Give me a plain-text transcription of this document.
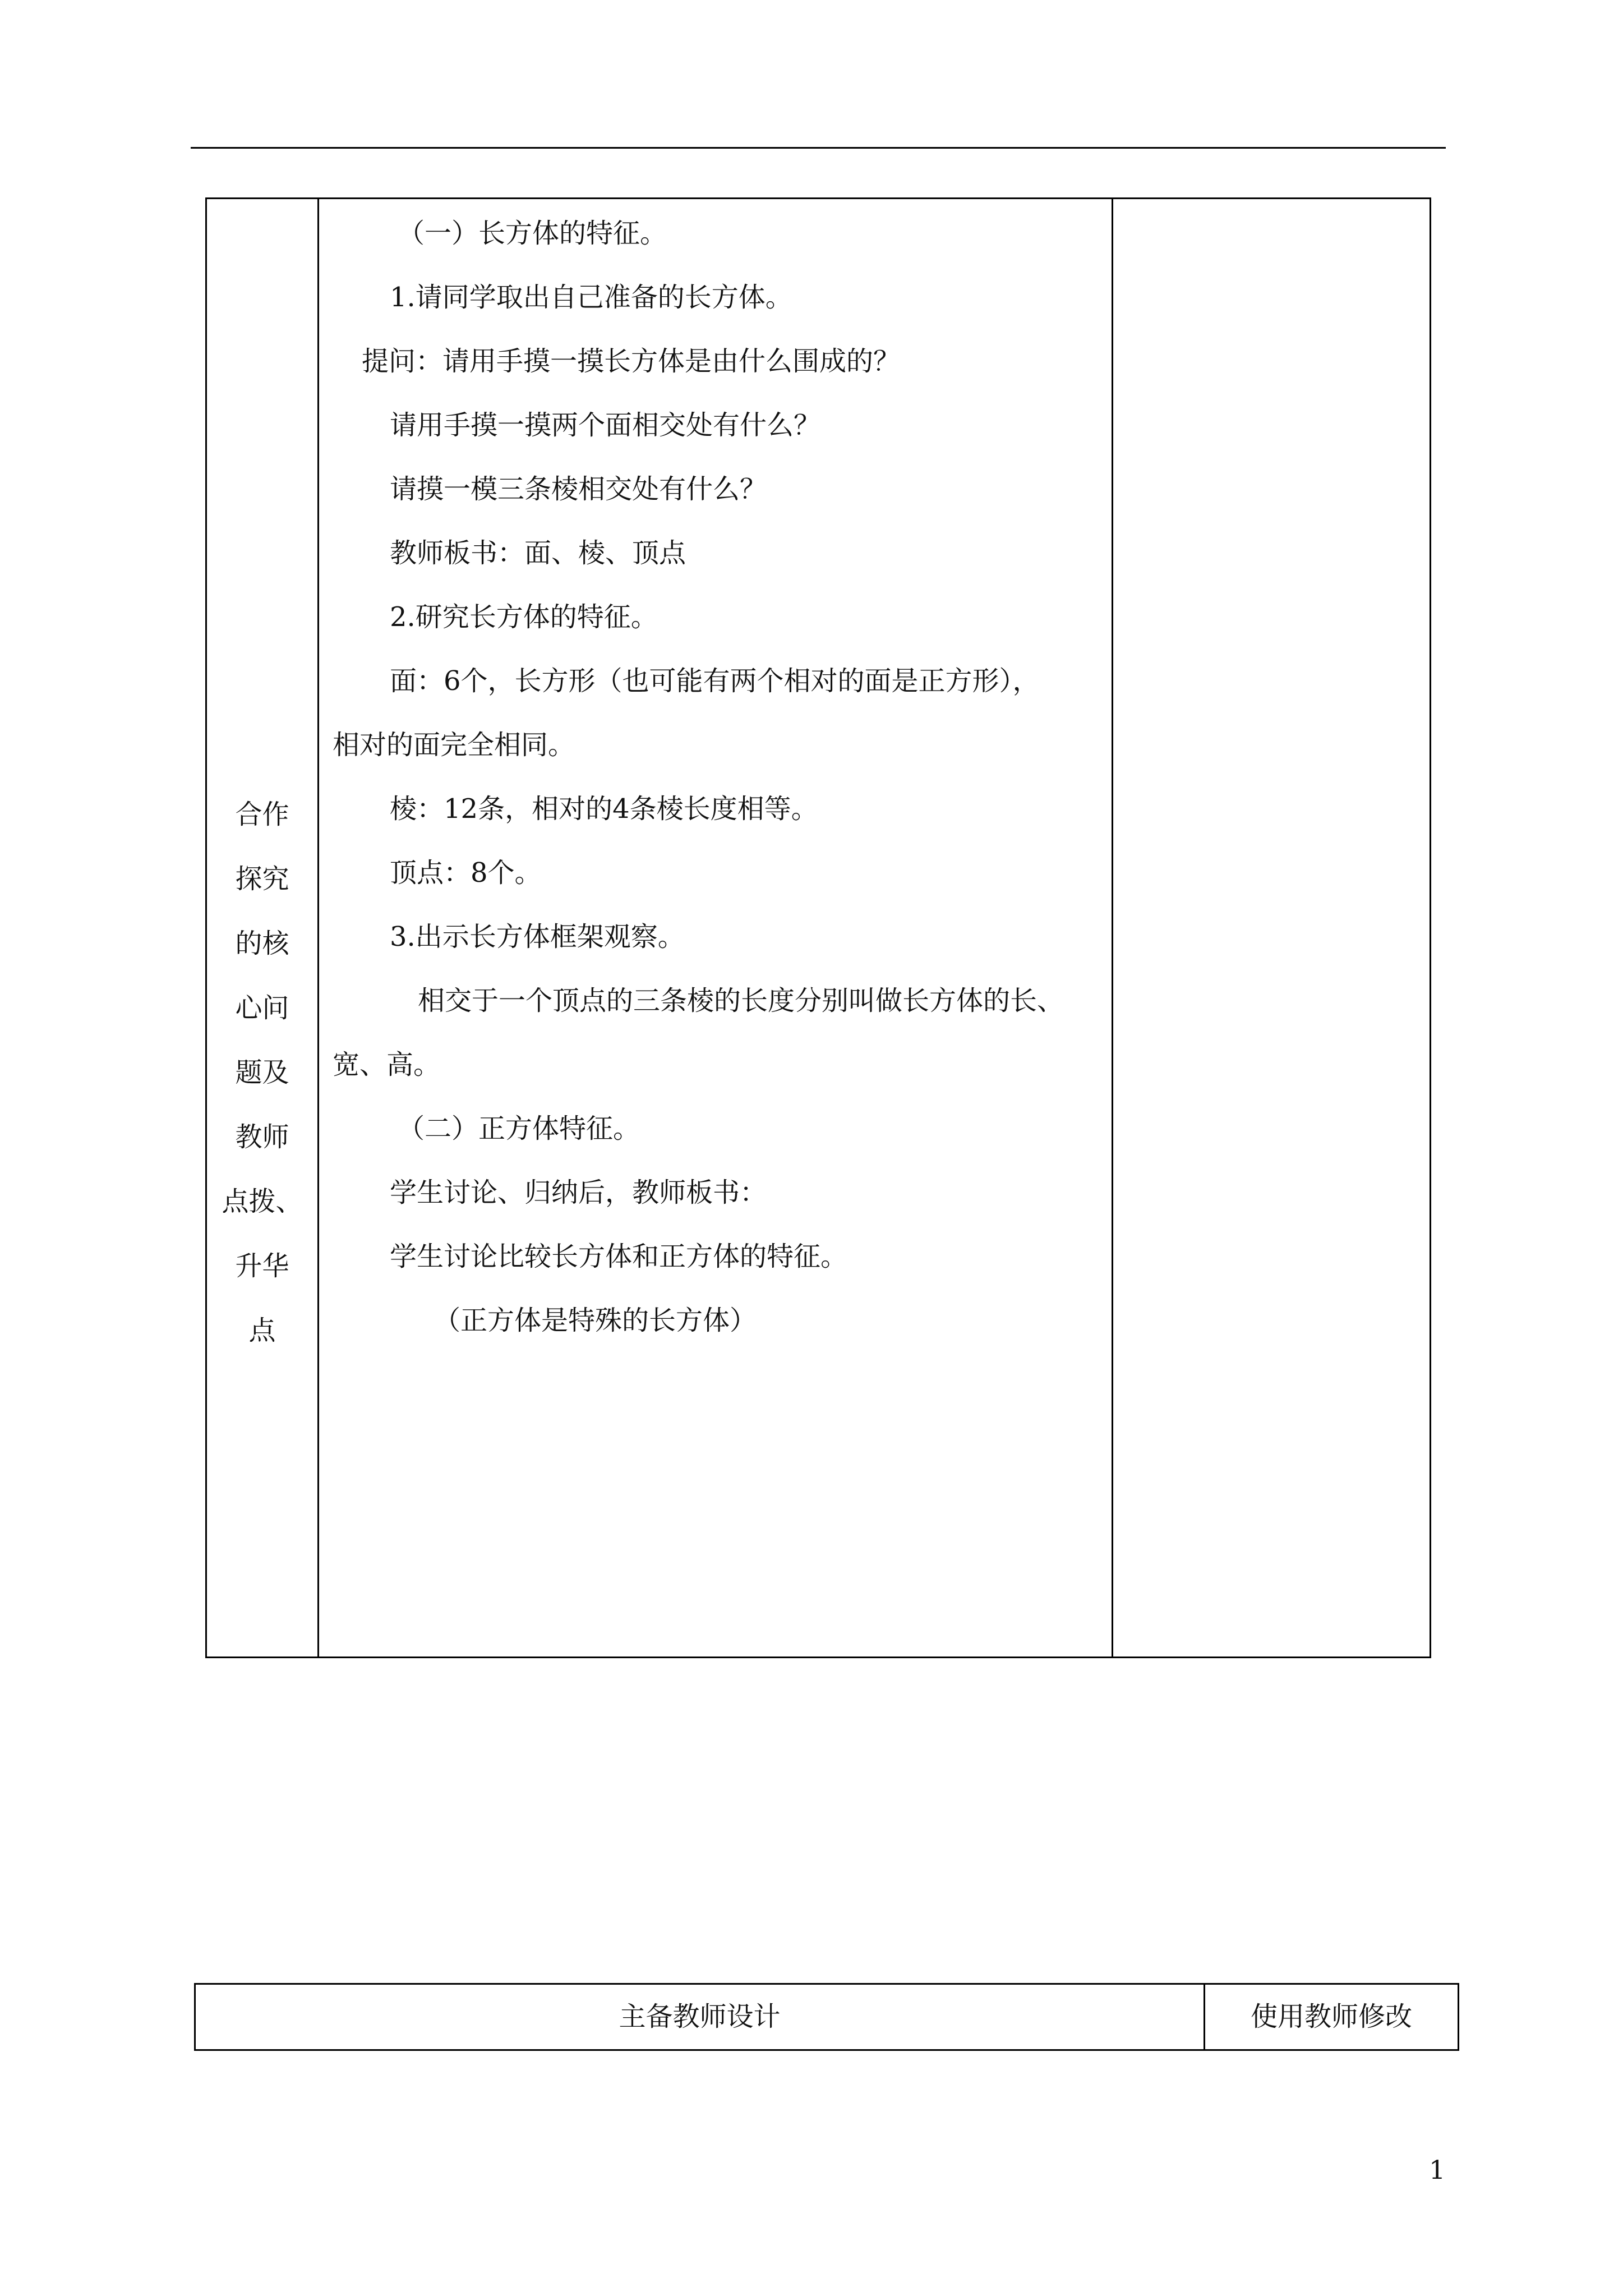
合作
探究
的核
心问
题及
教师
点拨、
升华
点
（一）长方体的特征。
1.请同学取出自己准备的长方体。
提问：请用手摸一摸长方体是由什么围成的？
请用手摸一摸两个面相交处有什么？
请摸一模三条棱相交处有什么？
教师板书：面、棱、顶点
2.研究长方体的特征。
面：6个，长方形（也可能有两个相对的面是正方形），
相对的面完全相同。
棱：12条，相对的4条棱长度相等。
顶点：8个。
3.出示长方体框架观察。
相交于一个顶点的三条棱的长度分别叫做长方体的长、
宽、高。
（二）正方体特征。
学生讨论、归纳后，教师板书：
学生讨论比较长方体和正方体的特征。
（正方体是特殊的长方体）
主备教师设计	使用教师修改
1
